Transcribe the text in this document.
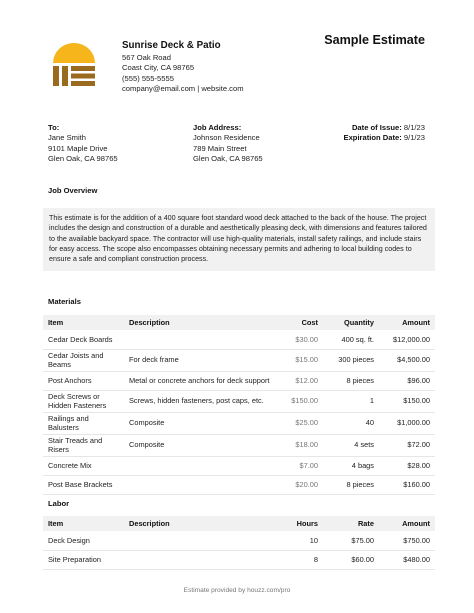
Sunrise Deck & Patio
567 Oak Road
Coast City, CA 98765
(555) 555-5555
company@email.com | website.com
Sample Estimate
To:
Jane Smith
9101 Maple Drive
Glen Oak, CA 98765
Job Address:
Johnson Residence
789 Main Street
Glen Oak, CA 98765
Date of Issue: 8/1/23
Expiration Date: 9/1/23
Job Overview
This estimate is for the addition of a 400 square foot standard wood deck attached to the back of the house. The project includes the design and construction of a durable and aesthetically pleasing deck, with dimensions and features tailored to the available backyard space. The contractor will use high-quality materials, install safety railings, and include stairs for easy access. The scope also encompasses obtaining necessary permits and adhering to local building codes to ensure a safe and compliant construction process.
Materials
Item	Description	Cost	Quantity	Amount
Cedar Deck Boards		$30.00	400 sq. ft.	$12,000.00
Cedar Joists and Beams	For deck frame	$15.00	300 pieces	$4,500.00
Post Anchors	Metal or concrete anchors for deck support	$12.00	8 pieces	$96.00
Deck Screws or Hidden Fasteners	Screws, hidden fasteners, post caps, etc.	$150.00	1	$150.00
Railings and Balusters	Composite	$25.00	40	$1,000.00
Stair Treads and Risers	Composite	$18.00	4 sets	$72.00
Concrete Mix		$7.00	4 bags	$28.00
Post Base Brackets		$20.00	8 pieces	$160.00
Labor
Item	Description	Hours	Rate	Amount
Deck Design		10	$75.00	$750.00
Site Preparation		8	$60.00	$480.00
Estimate provided by houzz.com/pro
